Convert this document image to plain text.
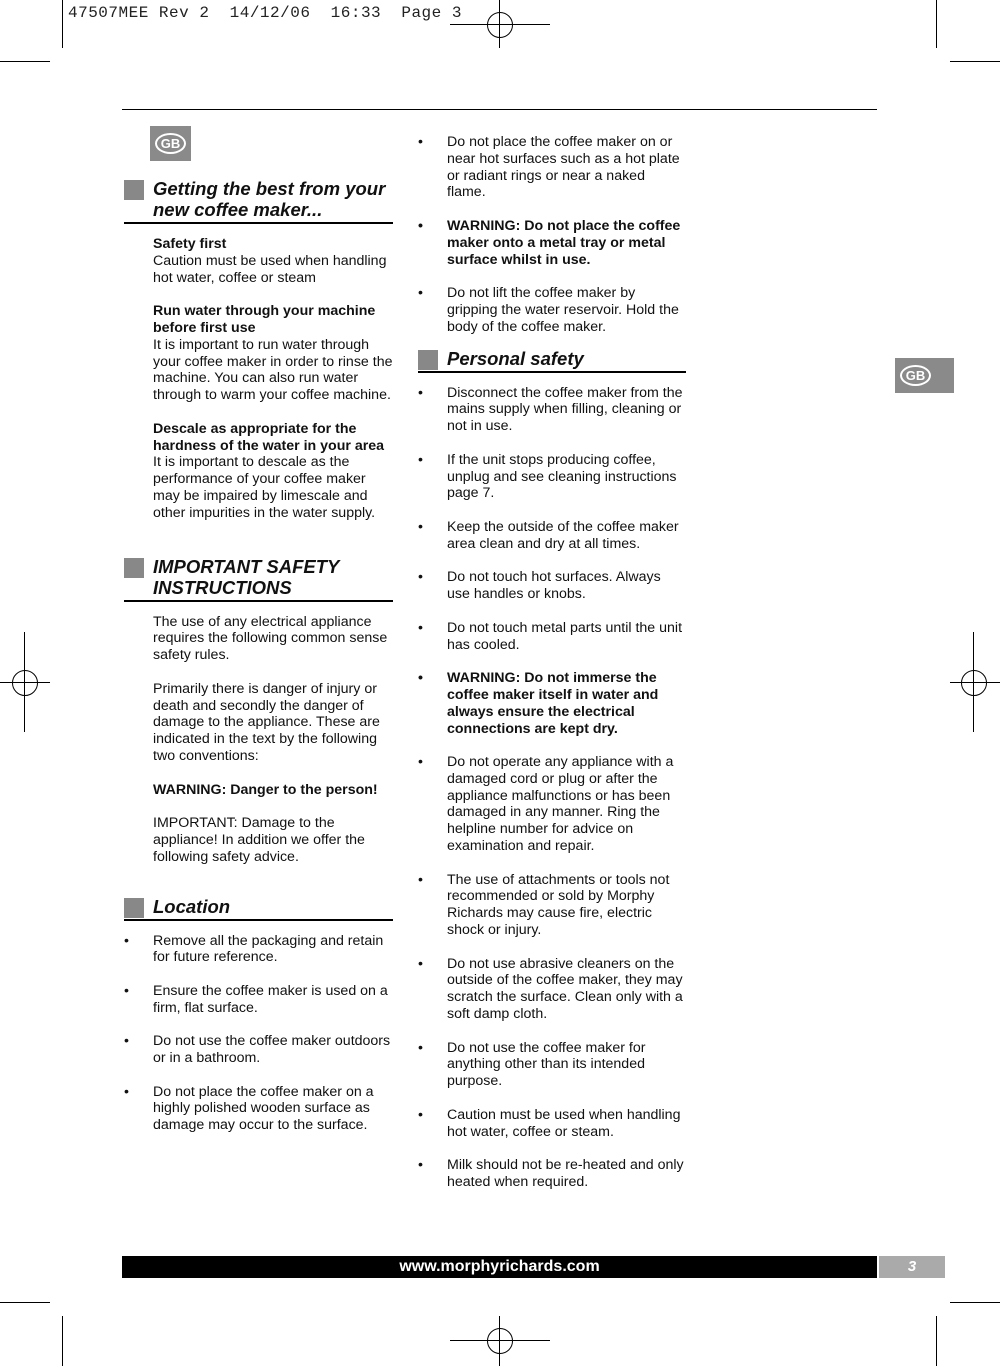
47507MEE Rev 2  14/12/06  16:33  Page 3
GB
GB
Getting the best from your new coffee maker...
Safety first
Caution must be used when handling hot water, coffee or steam
Run water through your machine before first use
It is important to run water through your coffee maker in order to rinse the machine. You can also run water through to warm your coffee machine.
Descale as appropriate for the hardness of the water in your area
It is important to descale as the performance of your coffee maker may be impaired by limescale and other impurities in the water supply.
IMPORTANT SAFETY INSTRUCTIONS
The use of any electrical appliance requires the following common sense safety rules.
Primarily there is danger of injury or death and secondly the danger of damage to the appliance. These are indicated in the text by the following two conventions:
WARNING: Danger to the person!
IMPORTANT: Damage to the appliance! In addition we offer the following safety advice.
Location
• Remove all the packaging and retain for future reference.
• Ensure the coffee maker is used on a firm, flat surface.
• Do not use the coffee maker outdoors or in a bathroom.
• Do not place the coffee maker on a highly polished wooden surface as damage may occur to the surface.
• Do not place the coffee maker on or near hot surfaces such as a hot plate or radiant rings or near a naked flame.
• WARNING: Do not place the coffee maker onto a metal tray or metal surface whilst in use.
• Do not lift the coffee maker by gripping the water reservoir. Hold the body of the coffee maker.
Personal safety
• Disconnect the coffee maker from the mains supply when filling, cleaning or not in use.
• If the unit stops producing coffee, unplug and see cleaning instructions page 7.
• Keep the outside of the coffee maker area clean and dry at all times.
• Do not touch hot surfaces. Always use handles or knobs.
• Do not touch metal parts until the unit has cooled.
• WARNING: Do not immerse the coffee maker itself in water and always ensure the electrical connections are kept dry.
• Do not operate any appliance with a damaged cord or plug or after the appliance malfunctions or has been damaged in any manner. Ring the helpline number for advice on examination and repair.
• The use of attachments or tools not recommended or sold by Morphy Richards may cause fire, electric shock or injury.
• Do not use abrasive cleaners on the outside of the coffee maker, they may scratch the surface. Clean only with a soft damp cloth.
• Do not use the coffee maker for anything other than its intended purpose.
• Caution must be used when handling hot water, coffee or steam.
• Milk should not be re-heated and only heated when required.
www.morphyrichards.com	3
